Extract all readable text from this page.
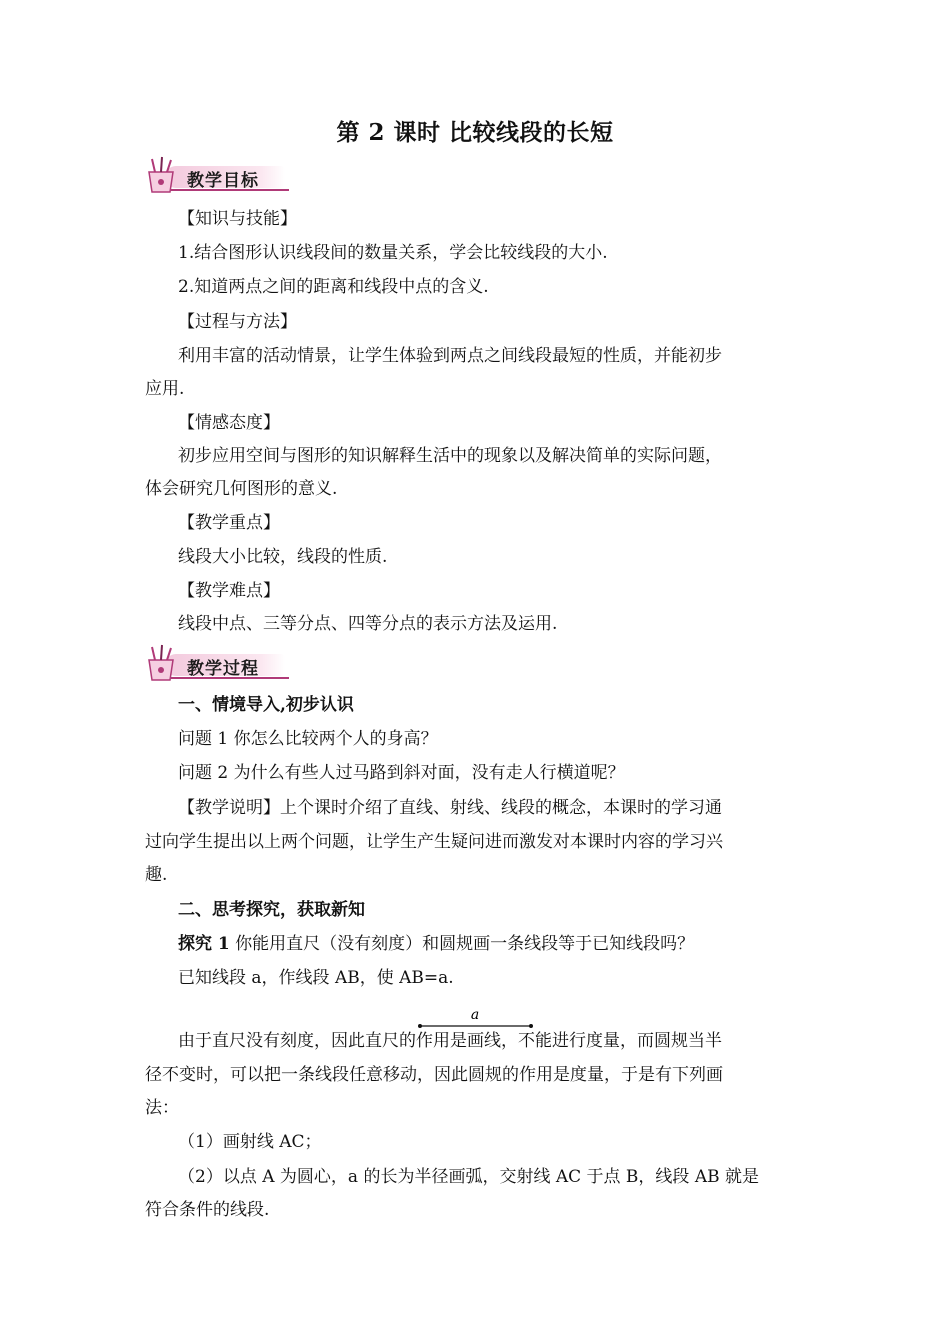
第 2 课时 比较线段的长短
教学目标
【知识与技能】
1.结合图形认识线段间的数量关系，学会比较线段的大小.
2.知道两点之间的距离和线段中点的含义.
【过程与方法】
利用丰富的活动情景，让学生体验到两点之间线段最短的性质，并能初步
应用.
【情感态度】
初步应用空间与图形的知识解释生活中的现象以及解决简单的实际问题，
体会研究几何图形的意义.
【教学重点】
线段大小比较，线段的性质.
【教学难点】
线段中点、三等分点、四等分点的表示方法及运用.
教学过程
一、情境导入,初步认识
问题 1 你怎么比较两个人的身高？
问题 2 为什么有些人过马路到斜对面，没有走人行横道呢？
【教学说明】上个课时介绍了直线、射线、线段的概念，本课时的学习通
过向学生提出以上两个问题，让学生产生疑问进而激发对本课时内容的学习兴
趣.
二、思考探究，获取新知
探究 1 你能用直尺（没有刻度）和圆规画一条线段等于已知线段吗？
已知线段 a，作线段 AB，使 AB=a.
a
由于直尺没有刻度，因此直尺的作用是画线，不能进行度量，而圆规当半
径不变时，可以把一条线段任意移动，因此圆规的作用是度量，于是有下列画
法：
（1）画射线 AC；
（2）以点 A 为圆心，a 的长为半径画弧，交射线 AC 于点 B，线段 AB 就是
符合条件的线段.
